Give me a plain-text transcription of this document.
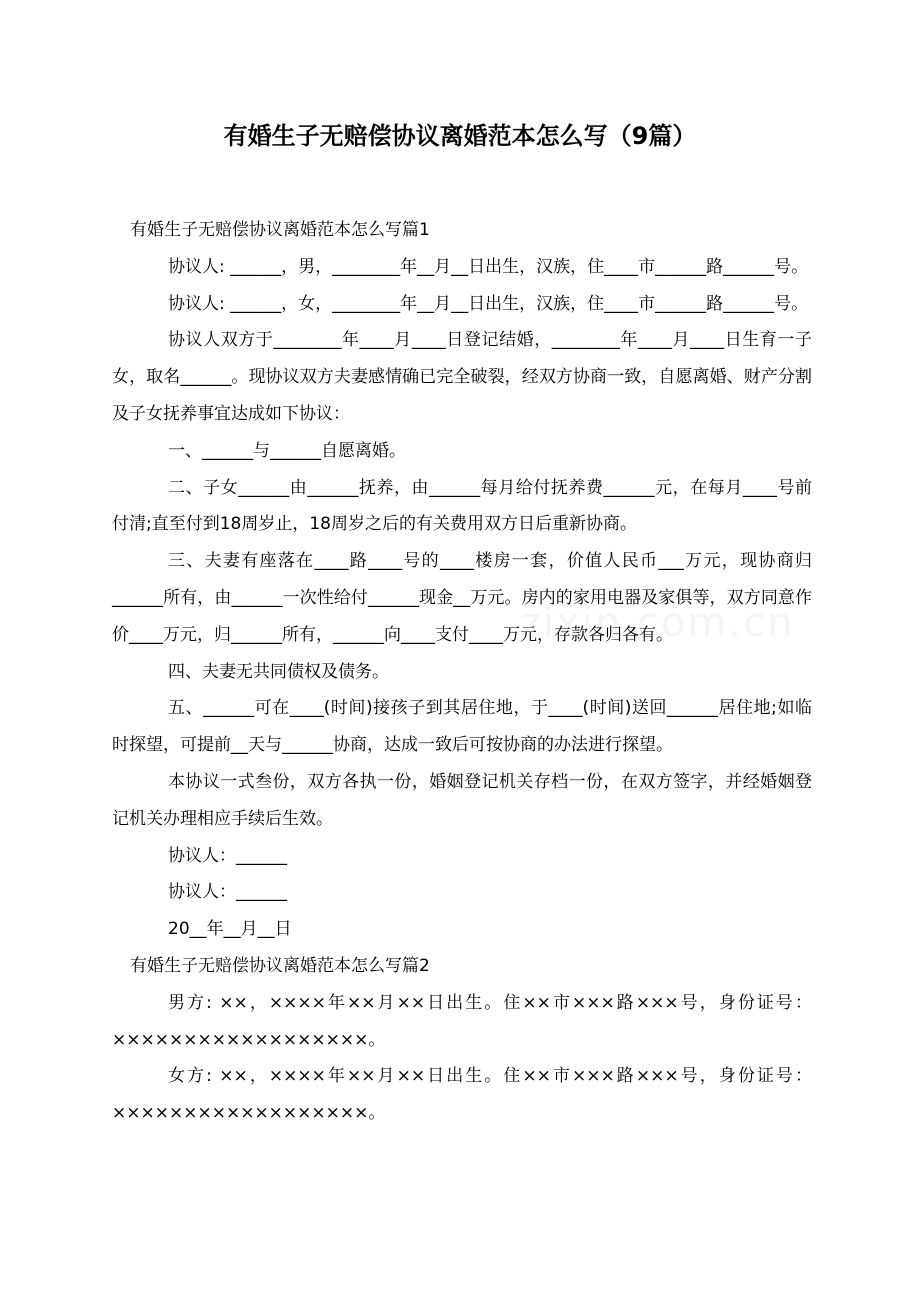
有婚生子无赔偿协议离婚范本怎么写（9篇）

有婚生子无赔偿协议离婚范本怎么写篇1

协议人: ______，男，________年__月__日出生，汉族，住____市______路______号。

协议人: ______，女，________年__月__日出生，汉族，住____市______路______号。

协议人双方于________年____月____日登记结婚，________年____月____日生育一子女，取名______。现协议双方夫妻感情确已完全破裂，经双方协商一致，自愿离婚、财产分割及子女抚养事宜达成如下协议：

一、______与______自愿离婚。

二、子女______由______抚养，由______每月给付抚养费______元，在每月____号前付清;直至付到18周岁止，18周岁之后的有关费用双方日后重新协商。

三、夫妻有座落在____路____号的____楼房一套，价值人民币___万元，现协商归______所有，由______一次性给付______现金__万元。房内的家用电器及家俱等，双方同意作价____万元，归______所有，______向____支付____万元，存款各归各有。

四、夫妻无共同债权及债务。

五、______可在____(时间)接孩子到其居住地，于____(时间)送回______居住地;如临时探望，可提前__天与______协商，达成一致后可按协商的办法进行探望。

本协议一式叁份，双方各执一份，婚姻登记机关存档一份，在双方签字，并经婚姻登记机关办理相应手续后生效。

协议人：______

协议人：______

20__年__月__日

有婚生子无赔偿协议离婚范本怎么写篇2

男方: ××，××××年××月××日出生。住××市×××路×××号，身份证号：××××××××××××××××××。

女方: ××，××××年××月××日出生。住××市×××路×××号，身份证号：××××××××××××××××××。

zixin.com.cn
